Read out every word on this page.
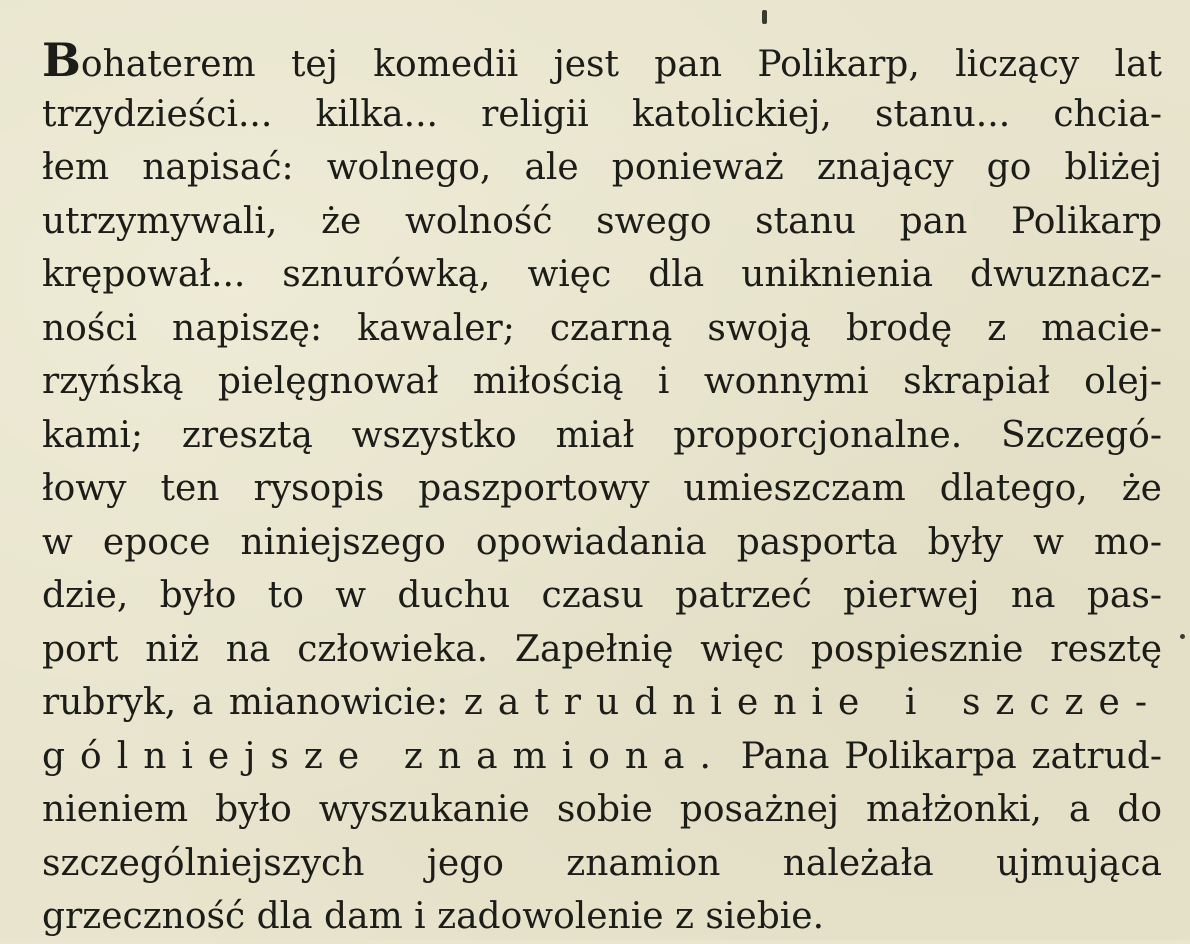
Bohaterem tej komedii jest pan Polikarp, liczący lat
trzydzieści... kilka... religii katolickiej, stanu... chcia-
łem napisać: wolnego, ale ponieważ znający go bliżej
utrzymywali, że wolność swego stanu pan Polikarp
krępował... sznurówką, więc dla uniknienia dwuznacz-
ności napiszę: kawaler; czarną swoją brodę z macie-
rzyńską pielęgnował miłością i wonnymi skrapiał olej-
kami; zresztą wszystko miał proporcjonalne. Szczegó-
łowy ten rysopis paszportowy umieszczam dlatego, że
w epoce niniejszego opowiadania pasporta były w mo-
dzie, było to w duchu czasu patrzeć pierwej na pas-
port niż na człowieka. Zapełnię więc pospiesznie resztę
rubryk, a mianowicie: zatrudnienie i szcze-
gólniejsze znamiona. Pana Polikarpa zatrud-
nieniem było wyszukanie sobie posażnej małżonki, a do
szczególniejszych jego znamion należała ujmująca
grzeczność dla dam i zadowolenie z siebie.
